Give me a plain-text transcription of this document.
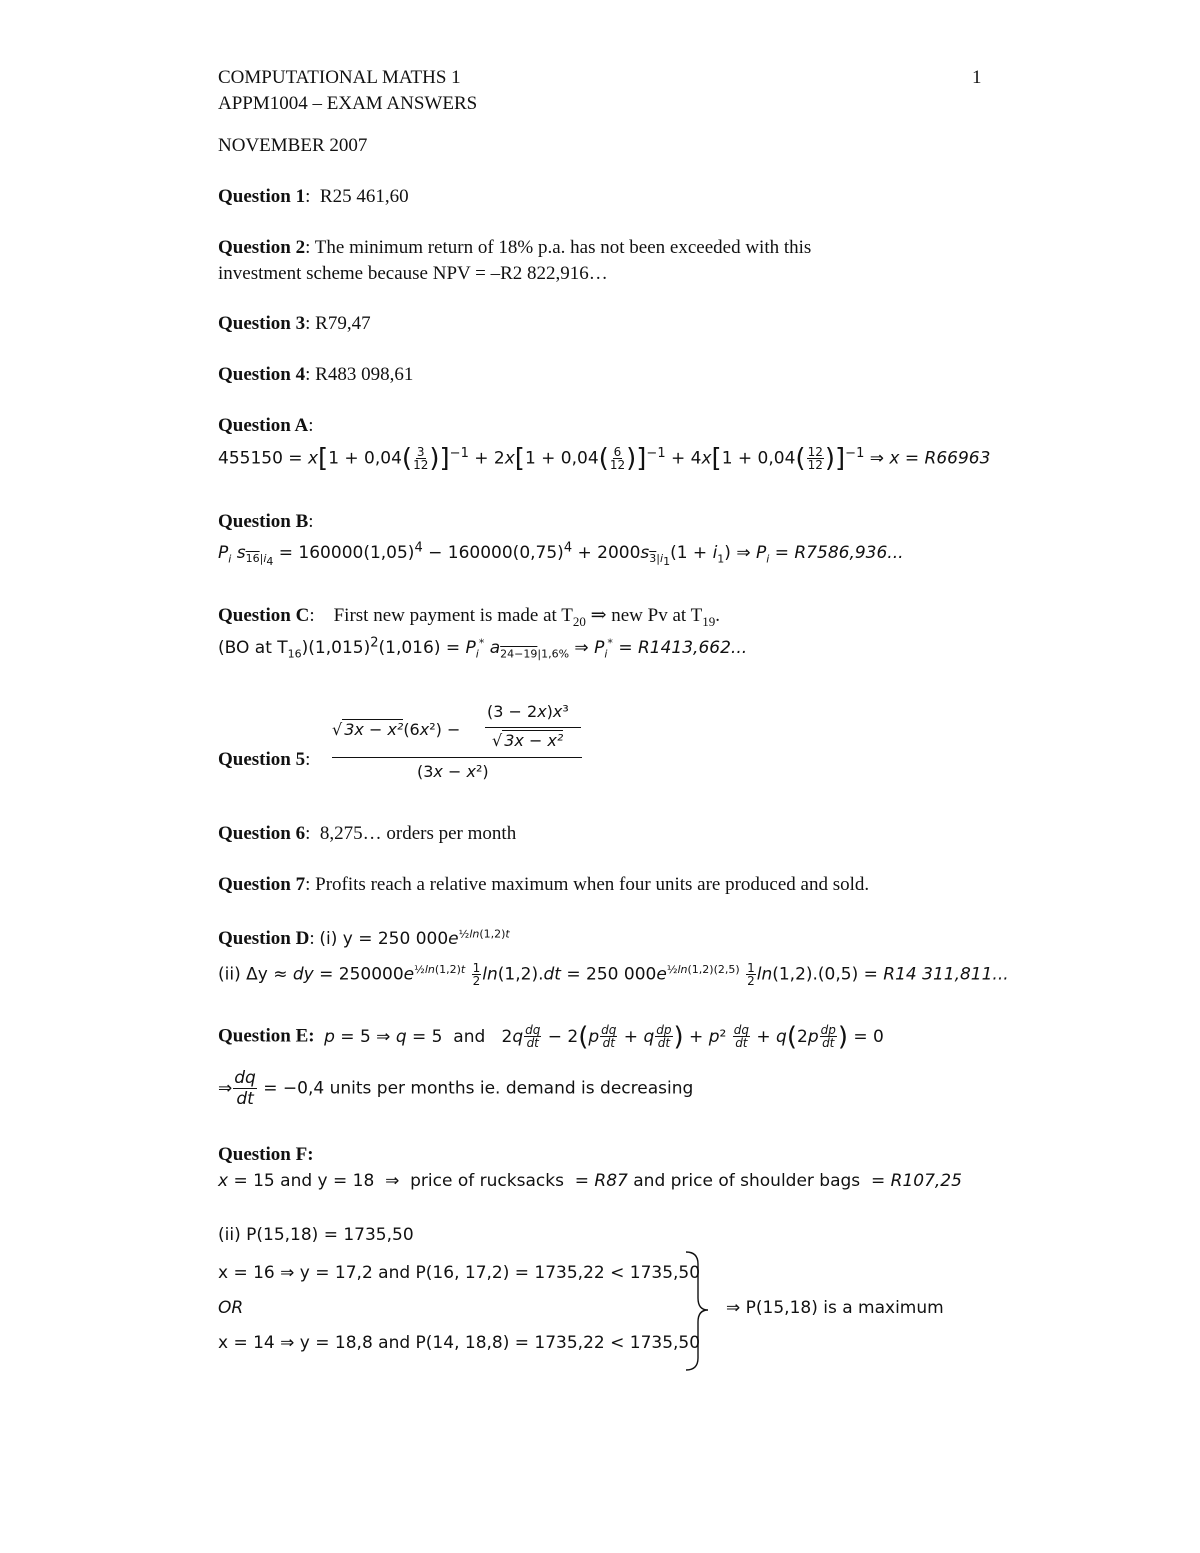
COMPUTATIONAL MATHS 1	1
APPM1004 – EXAM ANSWERS
NOVEMBER 2007
Question 1:  R25 461,60
Question 2: The minimum return of 18% p.a. has not been exceeded with this
investment scheme because NPV = –R2 822,916…
Question 3: R79,47
Question 4: R483 098,61
Question A:
$455150 = x[1 + 0,04( \frac{3}{12} )]^{-1} + 2x[1 + 0,04( \frac{6}{12} )]^{-1} + 4x[1 + 0,04( \frac{12}{12} )]^{-1}$ ⇒ x = R66963
Question B:
$P_i$ $s_{16|i_4} = 160000(1,05)^4 - 160000(0,75)^4 + 2000s_{3|i_1}(1 + i_1)$ ⇒ $P_i = R7586,936$...
Question C:    First new payment is made at $T_{20}$ ⇒ new Pv at $T_{19}$.
(BO at $T_{16})(1,015)^2(1,016) = P_i^*$ $a_{24-19|1,6\%}$ ⇒ $P_i^* = R1413,662$...
Question 5:
√ 3x − x²(6x²) −
(3 − 2x)x³
√ 3x − x²
(3x − x²)
Question 6:  8,275… orders per month
Question 7: Profits reach a relative maximum when four units are produced and sold.
Question D: (i) y = 250 $000e^{\frac{1}{2}ln(1,2)t}$
(ii) Δy ≈ dy = $250000e^{\frac{1}{2}ln(1,2)t} \frac{1}{2} \ln(1,2).dt = 250$ $000e^{\frac{1}{2}ln(1,2)(2,5)} \frac{1}{2} \ln(1,2).(0,5) = R14$ 311,811...
Question E: p = 5 ⇒ q = 5  and   $2q \frac{dq}{dt} - 2(p \frac{dq}{dt} + q \frac{dp}{dt}$ ) + $p^2 \frac{dq}{dt} + q(2p \frac{dp}{dt}$ ) = 0
⇒ $\frac{dq}{dt} = -0,4$ units per months ie. demand is decreasing
Question F:
x = 15 and y = 18  ⇒  price of rucksacks  = R87 and price of shoulder bags  = R107,25
(ii) P(15,18) = 1735,50
x = 16 ⇒ y = 17,2 and P(16, 17,2) = 1735,22 < 1735,50
OR
x = 14 ⇒ y = 18,8 and P(14, 18,8) = 1735,22 < 1735,50
⇒ P(15,18) is a maximum
